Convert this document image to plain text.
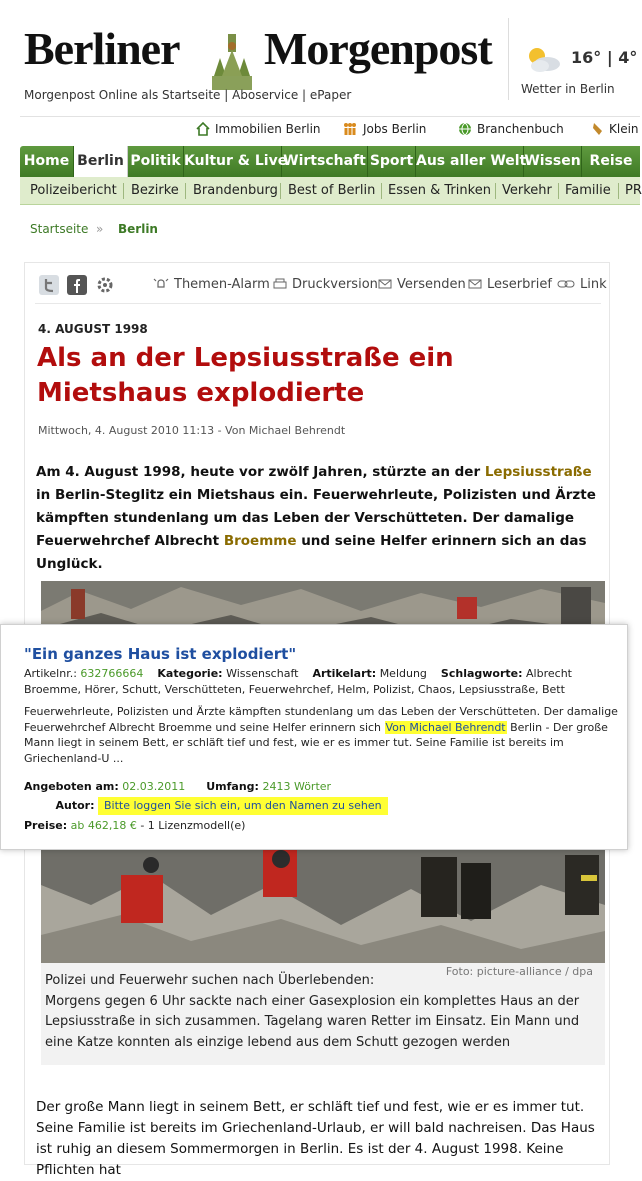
Berliner Morgenpost
Morgenpost Online als Startseite | Aboservice | ePaper
16° | 4°
Wetter in Berlin
Immobilien Berlin	Jobs Berlin	Branchenbuch	Klein
Home Berlin Politik Kultur & Live
Wirtschaft Sport Aus aller Welt
Wissen Reise
Polizeibericht Bezirke Brandenburg Best of Berlin Essen & Trinken Verkehr Familie PR
Startseite » Berlin
Themen-Alarm	Druckversion	Versenden	Leserbrief	Link
4. AUGUST 1998
Als an der Lepsiusstraße ein Mietshaus explodierte
Mittwoch, 4. August 2010 11:13 - Von Michael Behrendt

Am 4. August 1998, heute vor zwölf Jahren, stürzte an der Lepsiusstraße in Berlin-Steglitz ein Mietshaus ein. Feuerwehrleute, Polizisten und Ärzte kämpften stundenlang um das Leben der Verschütteten. Der damalige Feuerwehrchef Albrecht Broemme und seine Helfer erinnern sich an das Unglück.

Foto: picture-alliance / dpa

Polizei und Feuerwehr suchen nach Überlebenden:
Morgens gegen 6 Uhr sackte nach einer Gasexplosion ein komplettes Haus an der Lepsiusstraße in sich zusammen. Tagelang waren Retter im Einsatz. Ein Mann und eine Katze konnten als einzige lebend aus dem Schutt gezogen werden

Der große Mann liegt in seinem Bett, er schläft tief und fest, wie er es immer tut. Seine Familie ist bereits im Griechenland-Urlaub, er will bald nachreisen. Das Haus ist ruhig an diesem Sommermorgen in Berlin. Es ist der 4. August 1998. Keine Pflichten hat

"Ein ganzes Haus ist explodiert"
Artikelnr.: 632766664 Kategorie: Wissenschaft Artikelart: Meldung Schlagworte: Albrecht Broemme, Hörer, Schutt, Verschütteten, Feuerwehrchef, Helm, Polizist, Chaos, Lepsiusstraße, Bett
Feuerwehrleute, Polizisten und Ärzte kämpften stundenlang um das Leben der Verschütteten. Der damalige Feuerwehrchef Albrecht Broemme und seine Helfer erinnern sich Von Michael Behrendt Berlin - Der große Mann liegt in seinem Bett, er schläft tief und fest, wie er es immer tut. Seine Familie ist bereits im Griechenland-U ...
Angeboten am: 02.03.2011 Umfang: 2413 Wörter
Autor: Bitte loggen Sie sich ein, um den Namen zu sehen
Preise: ab 462,18 € - 1 Lizenzmodell(e)
